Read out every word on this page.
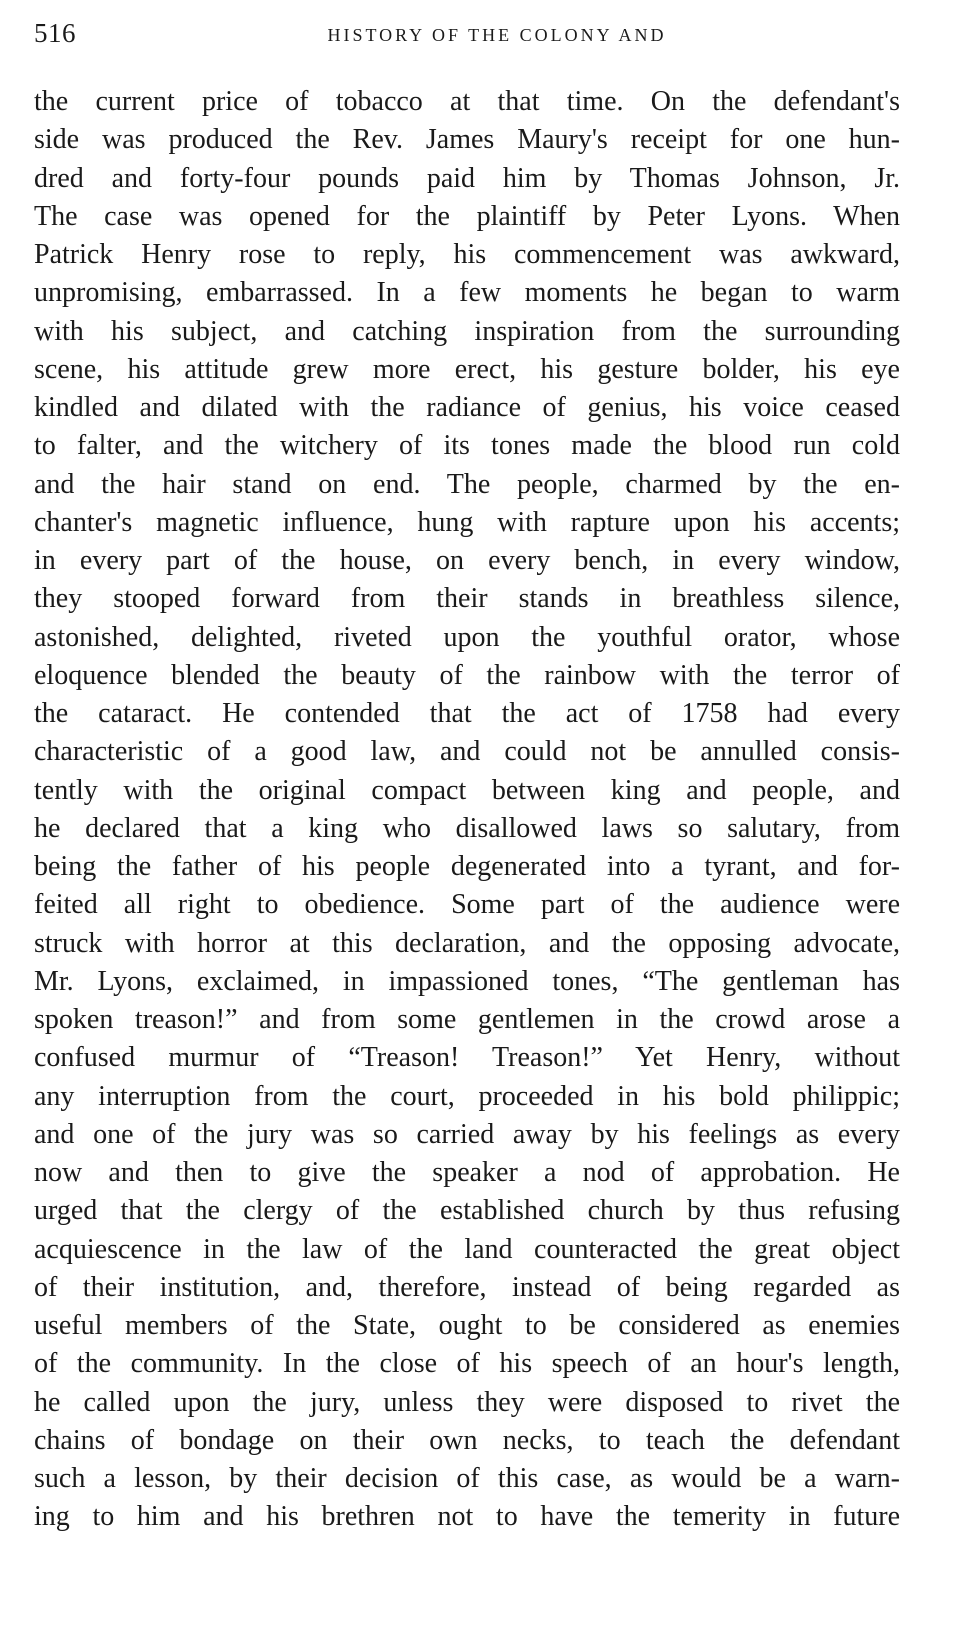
516	HISTORY OF THE COLONY AND
the current price of tobacco at that time. On the defendant's
side was produced the Rev. James Maury's receipt for one hun-
dred and forty-four pounds paid him by Thomas Johnson, Jr.
The case was opened for the plaintiff by Peter Lyons. When
Patrick Henry rose to reply, his commencement was awkward,
unpromising, embarrassed. In a few moments he began to warm
with his subject, and catching inspiration from the surrounding
scene, his attitude grew more erect, his gesture bolder, his eye
kindled and dilated with the radiance of genius, his voice ceased
to falter, and the witchery of its tones made the blood run cold
and the hair stand on end. The people, charmed by the en-
chanter's magnetic influence, hung with rapture upon his accents;
in every part of the house, on every bench, in every window,
they stooped forward from their stands in breathless silence,
astonished, delighted, riveted upon the youthful orator, whose
eloquence blended the beauty of the rainbow with the terror of
the cataract. He contended that the act of 1758 had every
characteristic of a good law, and could not be annulled consis-
tently with the original compact between king and people, and
he declared that a king who disallowed laws so salutary, from
being the father of his people degenerated into a tyrant, and for-
feited all right to obedience. Some part of the audience were
struck with horror at this declaration, and the opposing advocate,
Mr. Lyons, exclaimed, in impassioned tones, “The gentleman has
spoken treason!” and from some gentlemen in the crowd arose a
confused murmur of “Treason! Treason!” Yet Henry, without
any interruption from the court, proceeded in his bold philippic;
and one of the jury was so carried away by his feelings as every
now and then to give the speaker a nod of approbation. He
urged that the clergy of the established church by thus refusing
acquiescence in the law of the land counteracted the great object
of their institution, and, therefore, instead of being regarded as
useful members of the State, ought to be considered as enemies
of the community. In the close of his speech of an hour's length,
he called upon the jury, unless they were disposed to rivet the
chains of bondage on their own necks, to teach the defendant
such a lesson, by their decision of this case, as would be a warn-
ing to him and his brethren not to have the temerity in future
